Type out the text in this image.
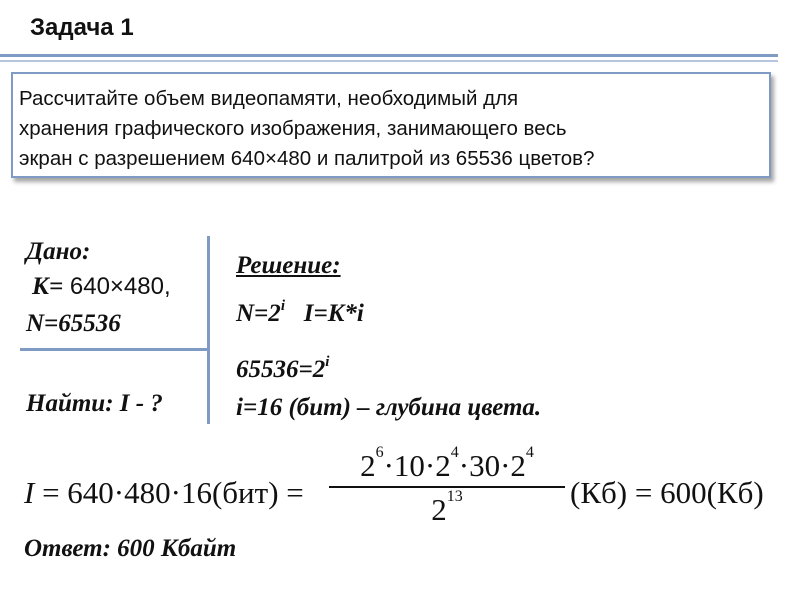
Задача 1
Рассчитайте объем видеопамяти, необходимый для
хранения графического изображения, занимающего весь
экран с разрешением 640×480 и палитрой из 65536 цветов?
Дано:
К= 640×480,
N=65536
Найти: I - ?
Решение:
$N=2^i$   I=K*i
$65536=2^i$
i=16 (бит) – глубина цвета.
I = 640·480·16(бит) =
$2^6\cdot 10\cdot 2^4\cdot 30\cdot 2^4$
$2^{13}$	(Кб) = 600(Кб)
Ответ: 600 Кбайт
